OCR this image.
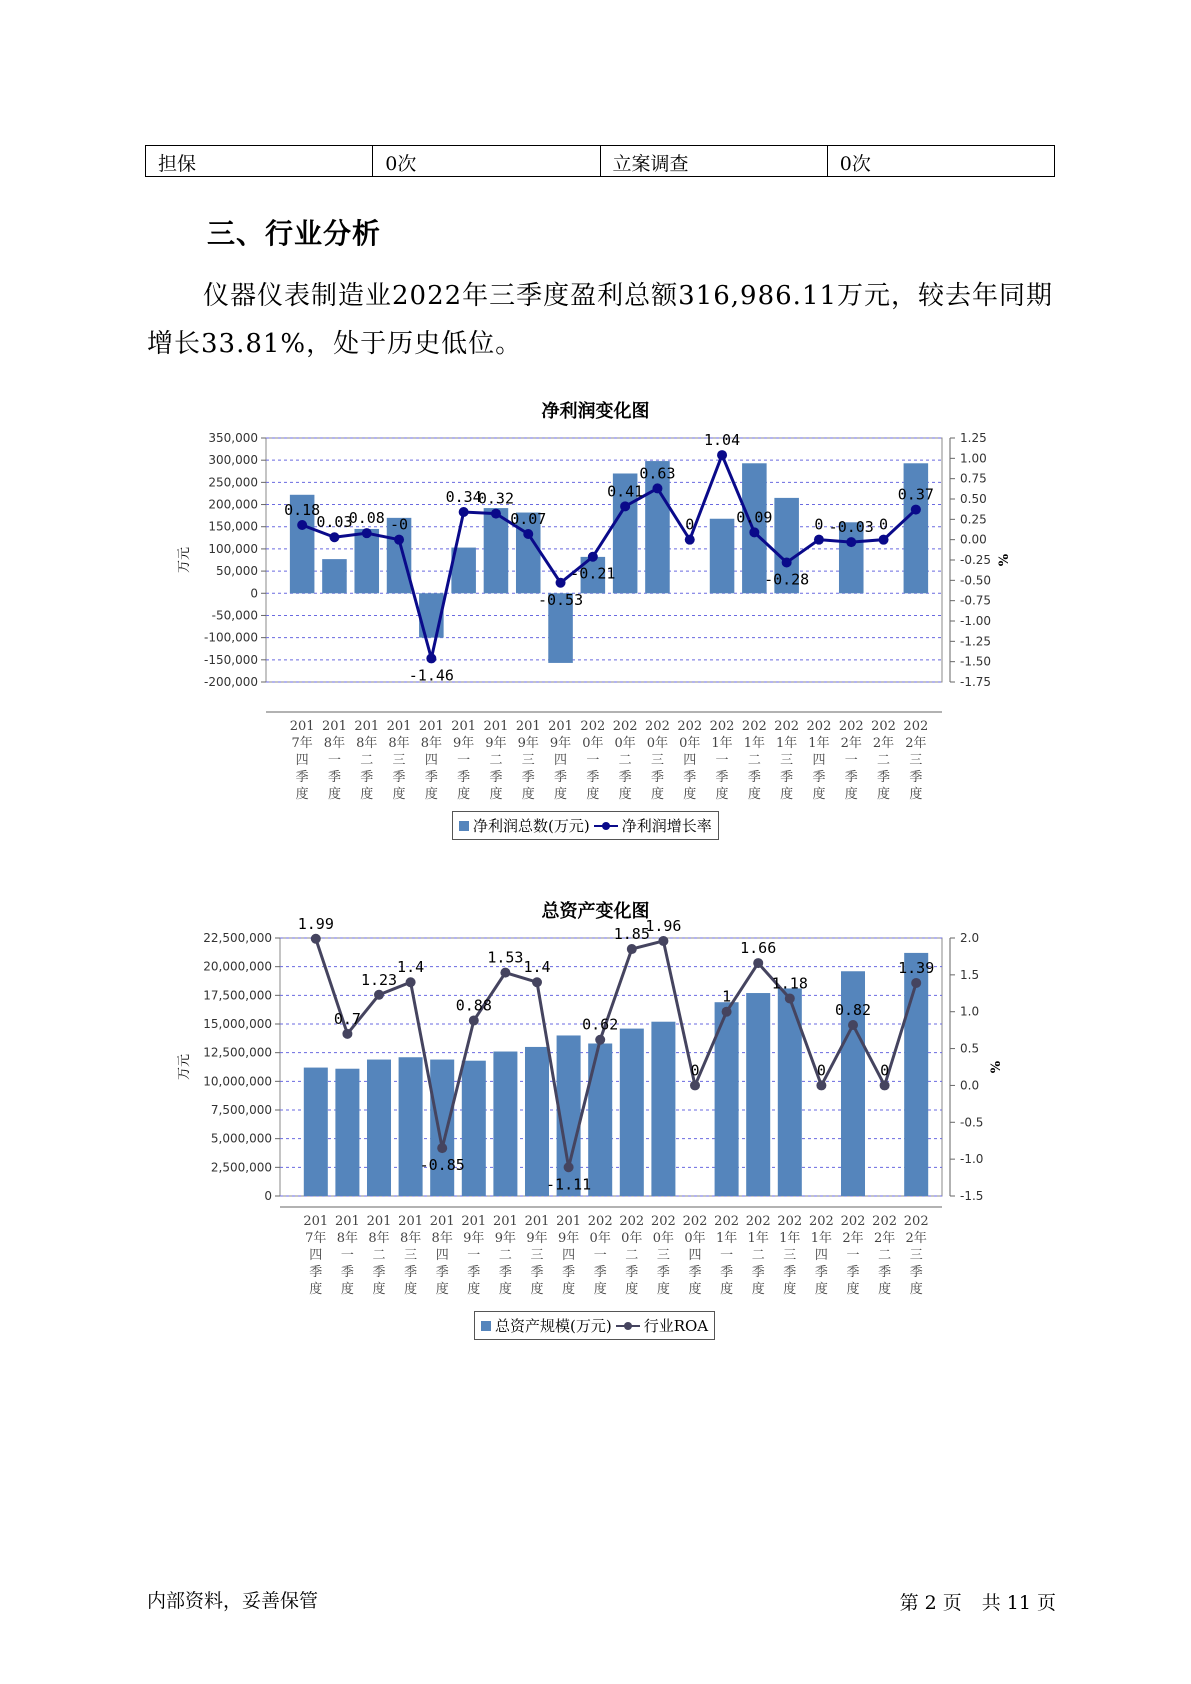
担保	0次	立案调查	0次
三、行业分析

仪器仪表制造业2022年三季度盈利总额316,986.11万元，较去年同期增长33.81%，处于历史低位。

净利润变化图
350,000
300,000
250,000
200,000
150,000
100,000
50,000
0
-50,000
-100,000
-150,000
-200,000
1.25
1.00
0.75
0.50
0.25
0.00
-0.25
-0.50
-0.75
-1.00
-1.25
-1.50
-1.75
万元	%
0.18
0.03
0.08 -0
-1.46
0.34
0.32
0.07
-0.53
-0.21
0.41
0.63
0
1.04
0.09
-0.28
0 -0.03 0
0.37
201 7年四季度
201 8年一季度
201 8年二季度
201 8年三季度
201 8年四季度
201 9年一季度
201 9年二季度
201 9年三季度
201 9年四季度
202 0年一季度
202 0年二季度
202 0年三季度
202 0年四季度
202 1年一季度
202 1年二季度
202 1年三季度
202 1年四季度
202 2年一季度
202 2年二季度
202 2年三季度
净利润总数(万元) 净利润增长率
总资产变化图
22,500,000
20,000,000
17,500,000
15,000,000
12,500,000
10,000,000
7,500,000
5,000,000
2,500,000
0
2.0
1.5
1.0
0.5
0.0
-0.5
-1.0
-1.5
万元	%
1.99
0.7
1.23
1.4
-0.85
0.88
1.53
1.4
-1.11
0.62
1.85
1.96
0
1
1.66
1.18
0
0.82
0
1.39
201 7年四季度
201 8年一季度
201 8年二季度
201 8年三季度
201 8年四季度
201 9年一季度
201 9年二季度
201 9年三季度
201 9年四季度
202 0年一季度
202 0年二季度
202 0年三季度
202 0年四季度
202 1年一季度
202 1年二季度
202 1年三季度
202 1年四季度
202 2年一季度
202 2年二季度
202 2年三季度
总资产规模(万元) 行业ROA
内部资料，妥善保管	第 2 页 共 11 页
